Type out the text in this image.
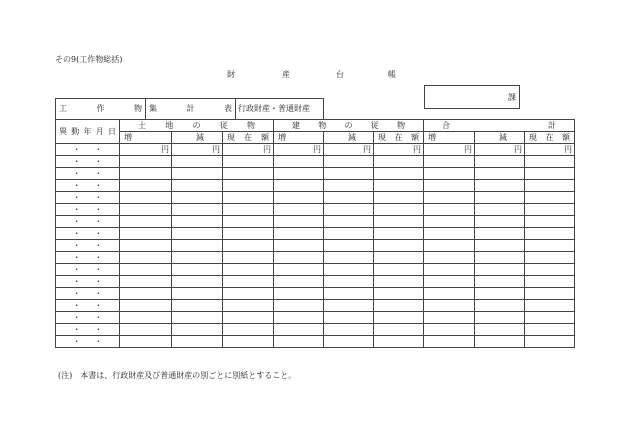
その9(工作物総括)
財	産	台	帳
課
工	作	物 集	計	表 行政財産・普通財産
異 動 年 月 日	土 地 の 従 物			建 物 の 従 物			合 計		

	増	減	現 在 額	増	減	現 在 額	増	減	現 在 額

・ ・	円	円	円	円	円	円	円	円	円

・ ・									

・ ・									

・ ・									

・ ・									

・ ・									

・ ・									

・ ・									

・ ・									

・ ・									

・ ・									

・ ・									

・ ・									

・ ・									

・ ・									

・ ・									

・ ・									

(注)　本書は、行政財産及び普通財産の別ごとに別紙とすること。
